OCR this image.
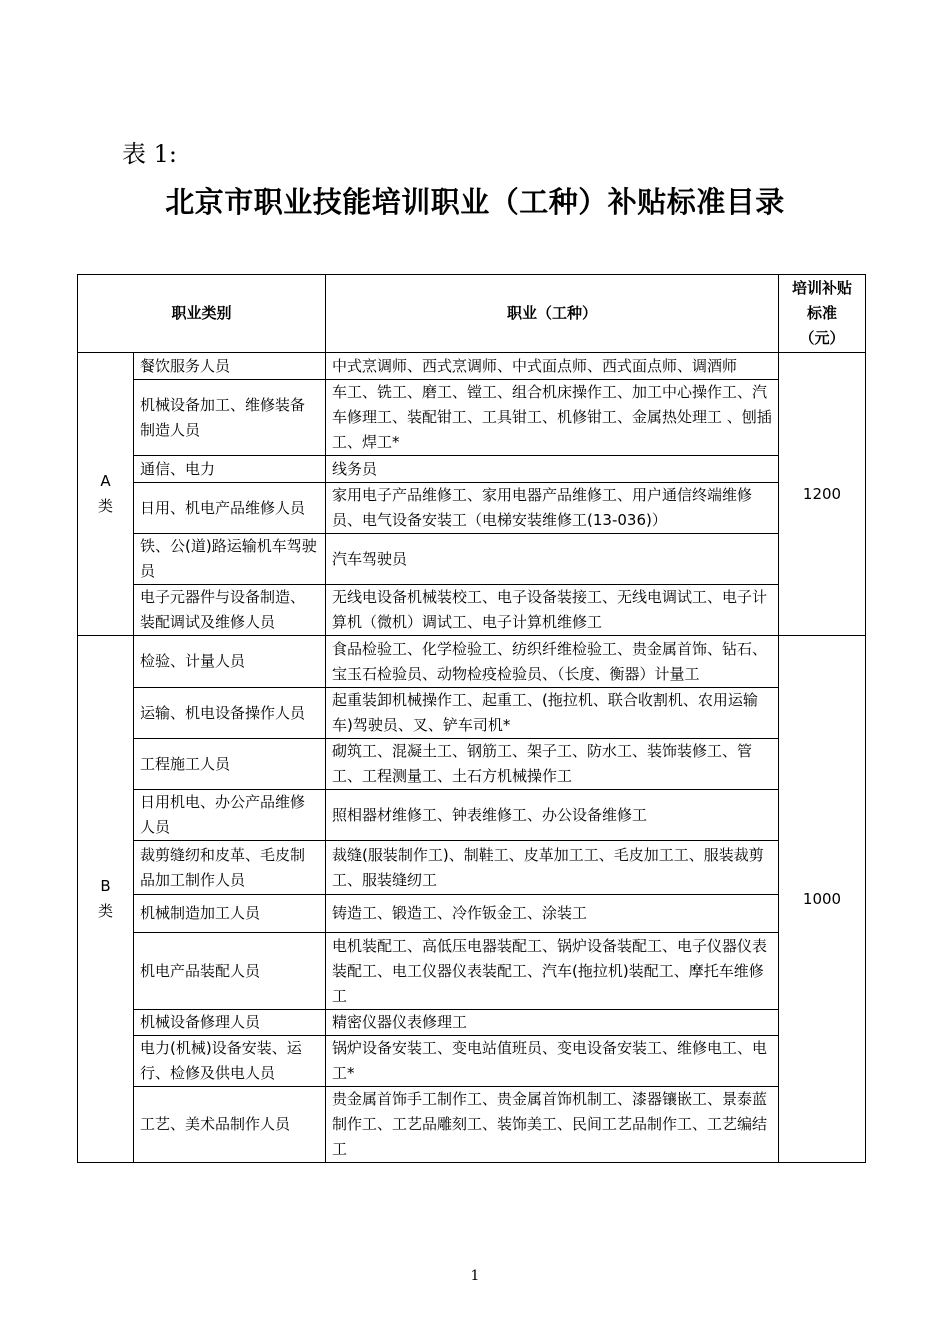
表 1:
北京市职业技能培训职业（工种）补贴标准目录
职业类别		职业（工种）	培训补贴
标准
（元）

A
类	餐饮服务人员	中式烹调师、西式烹调师、中式面点师、西式面点师、调酒师	1200
	机械设备加工、维修装备制造人员	车工、铣工、磨工、镗工、组合机床操作工、加工中心操作工、汽车修理工、装配钳工、工具钳工、机修钳工、金属热处理工 、刨插工、焊工*	
	通信、电力	线务员	
	日用、机电产品维修人员	家用电子产品维修工、家用电器产品维修工、用户通信终端维修员、电气设备安装工（电梯安装维修工(13-036)）	
	铁、公(道)路运输机车驾驶员	汽车驾驶员	
	电子元器件与设备制造、装配调试及维修人员	无线电设备机械装校工、电子设备装接工、无线电调试工、电子计算机（微机）调试工、电子计算机维修工	

B
类	检验、计量人员	食品检验工、化学检验工、纺织纤维检验工、贵金属首饰、钻石、宝玉石检验员、动物检疫检验员、（长度、衡器）计量工	1000
	运输、机电设备操作人员	起重装卸机械操作工、起重工、(拖拉机、联合收割机、农用运输车)驾驶员、叉、铲车司机*	
	工程施工人员	砌筑工、混凝土工、钢筋工、架子工、防水工、装饰装修工、管工、工程测量工、土石方机械操作工	
	日用机电、办公产品维修人员	照相器材维修工、钟表维修工、办公设备维修工	
	裁剪缝纫和皮革、毛皮制品加工制作人员	裁缝(服装制作工)、制鞋工、皮革加工工、毛皮加工工、服装裁剪工、服装缝纫工	
	机械制造加工人员	铸造工、锻造工、冷作钣金工、涂装工	
	机电产品装配人员	电机装配工、高低压电器装配工、锅炉设备装配工、电子仪器仪表装配工、电工仪器仪表装配工、汽车(拖拉机)装配工、摩托车维修工	
	机械设备修理人员	精密仪器仪表修理工	
	电力(机械)设备安装、运行、检修及供电人员	锅炉设备安装工、变电站值班员、变电设备安装工、维修电工、电工*	
	工艺、美术品制作人员	贵金属首饰手工制作工、贵金属首饰机制工、漆器镶嵌工、景泰蓝制作工、工艺品雕刻工、装饰美工、民间工艺品制作工、工艺编结工	
1
